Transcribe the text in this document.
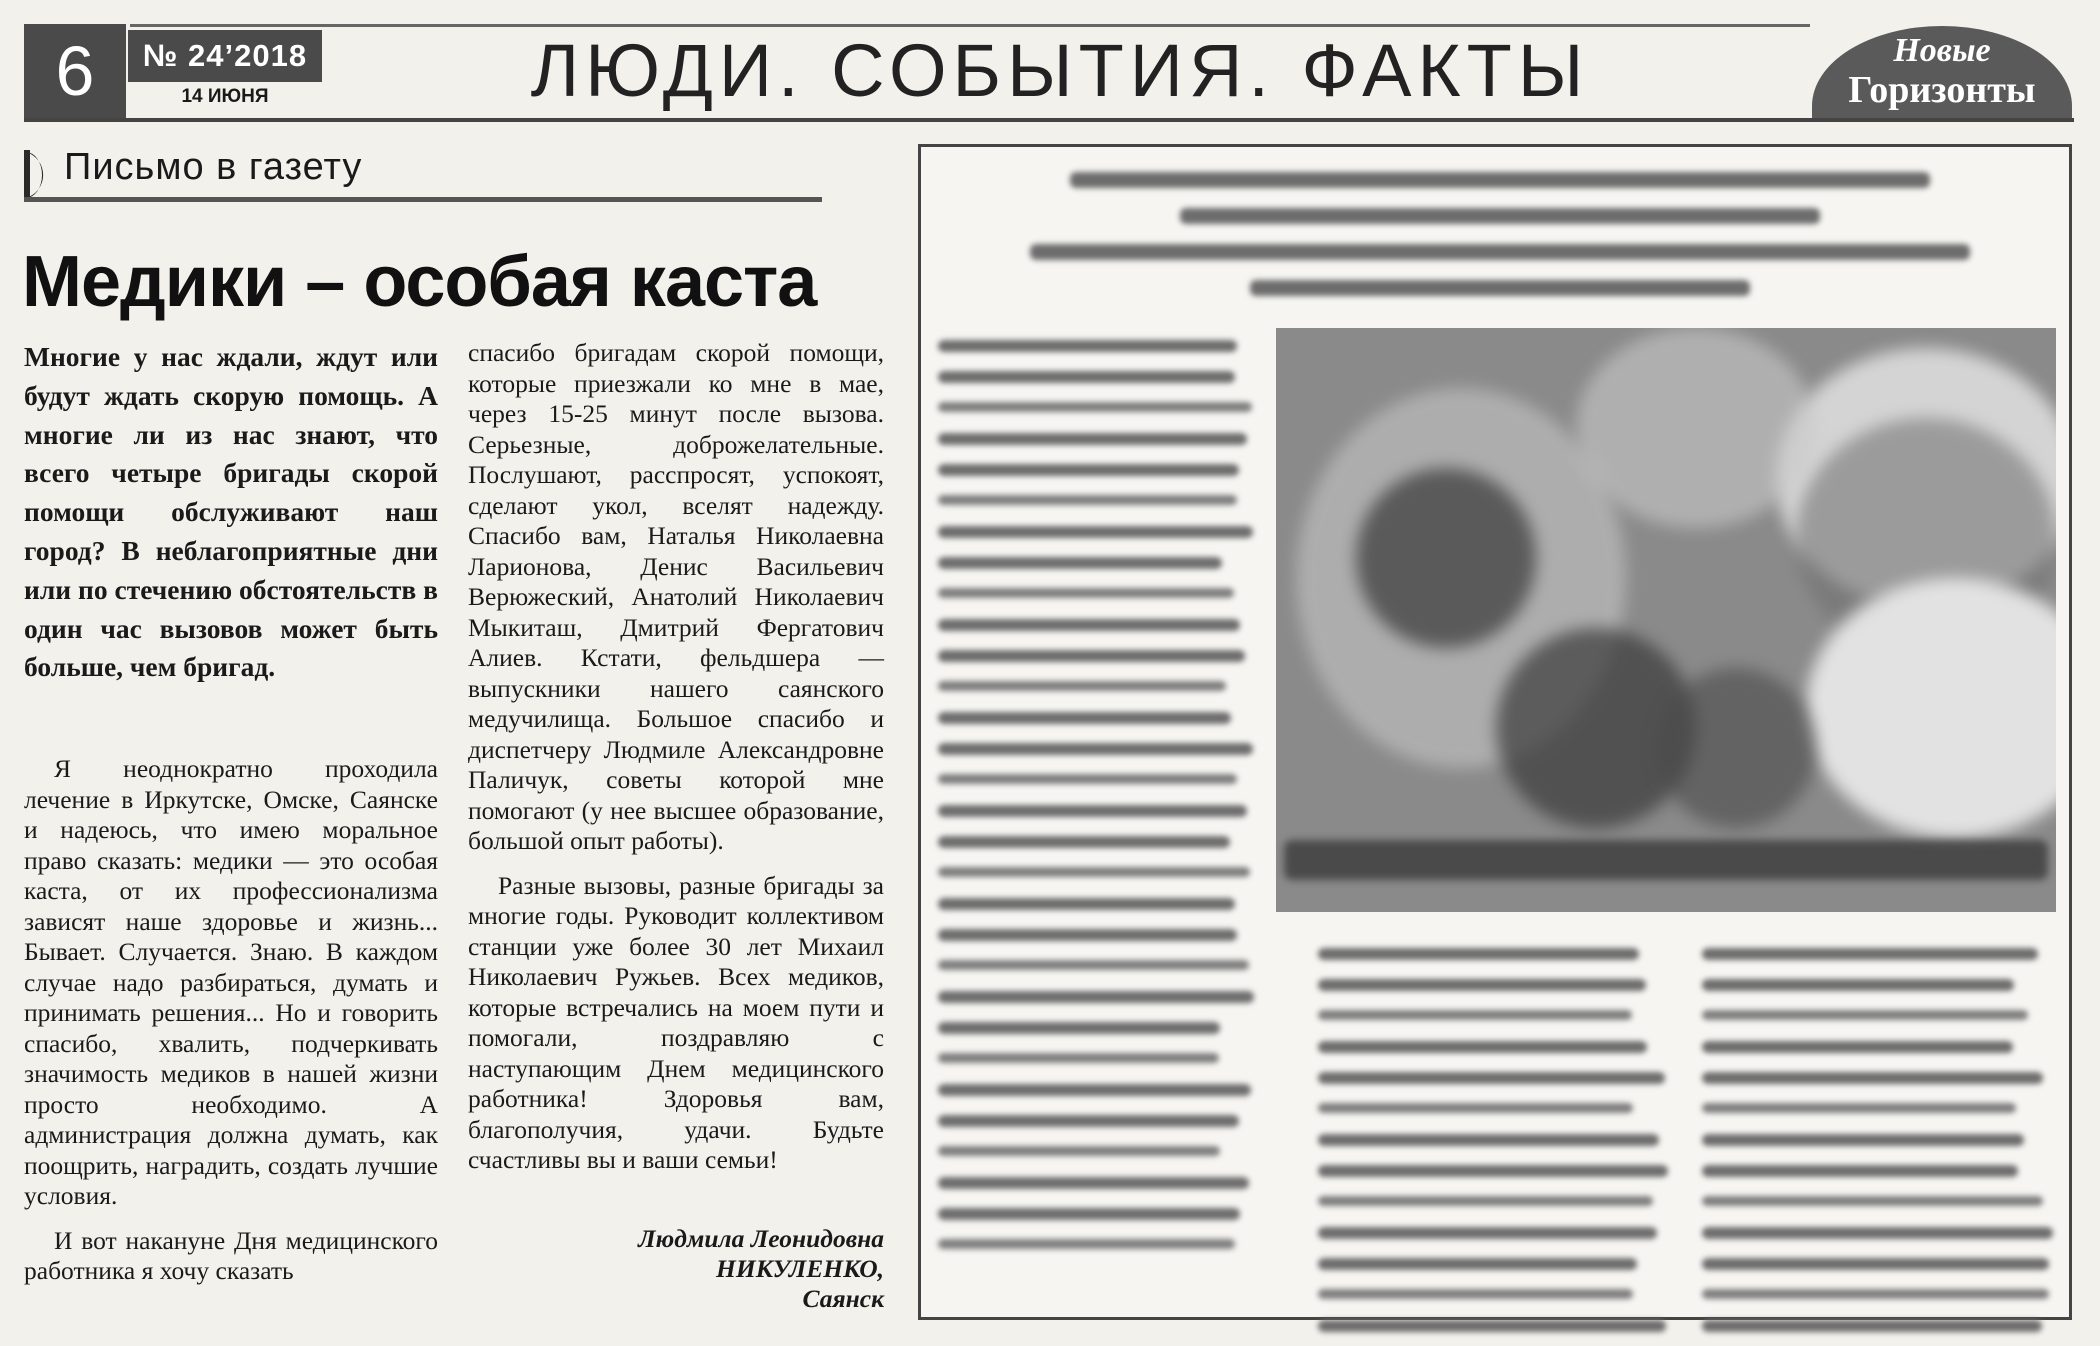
6	№ 24’2018
14 ИЮНЯ	ЛЮДИ. СОБЫТИЯ. ФАКТЫ	Новые
Горизонты
Письмо в газету
Медики – особая каста
Многие у нас ждали, ждут или будут ждать скорую помощь. А многие ли из нас знают, что всего четыре бригады скорой помощи обслуживают наш город? В неблагоприятные дни или по стечению обстоятельств в один час вызовов может быть больше, чем бригад.

Я неоднократно проходила лечение в Иркутске, Омске, Саянске и надеюсь, что имею моральное право сказать: медики — это особая каста, от их профессионализма зависят наше здоровье и жизнь... Бывает. Случается. Знаю. В каждом случае надо разбираться, думать и принимать решения... Но и говорить спасибо, хвалить, подчеркивать значимость медиков в нашей жизни просто необходимо. А администрация должна думать, как поощрить, наградить, создать лучшие условия.

И вот накануне Дня медицинского работника я хочу сказать

спасибо бригадам скорой помощи, которые приезжали ко мне в мае, через 15-25 минут после вызова. Серьезные, доброжелательные. Послушают, расспросят, успокоят, сделают укол, вселят надежду. Спасибо вам, Наталья Николаевна Ларионова, Денис Васильевич Верюжеский, Анатолий Николаевич Мыкиташ, Дмитрий Фергатович Алиев. Кстати, фельдшера — выпускники нашего саянского медучилища. Большое спасибо и диспетчеру Людмиле Александровне Паличук, советы которой мне помогают (у нее высшее образование, большой опыт работы).

Разные вызовы, разные бригады за многие годы. Руководит коллективом станции уже более 30 лет Михаил Николаевич Ружьев. Всех медиков, которые встречались на моем пути и помогали, поздравляю с наступающим Днем медицинского работника! Здоровья вам, благополучия, удачи. Будьте счастливы вы и ваши семьи!

Людмила Леонидовна
НИКУЛЕНКО,
Саянск
